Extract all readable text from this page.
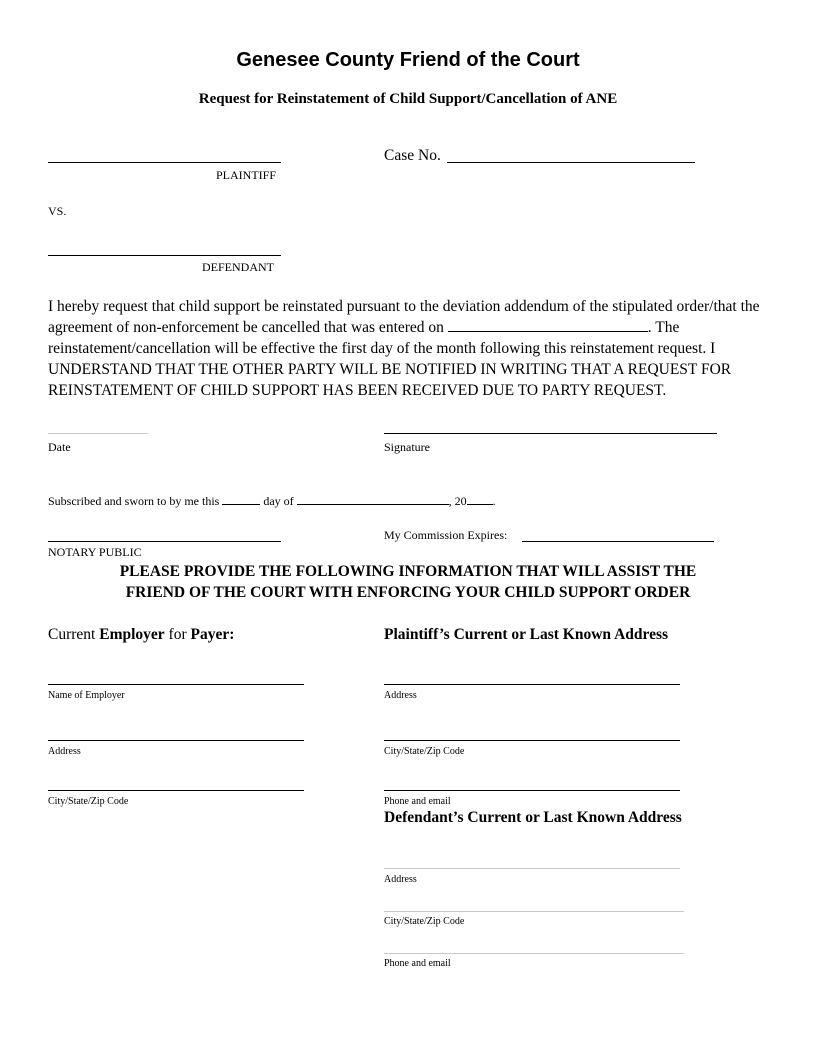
Genesee County Friend of the Court
Request for Reinstatement of Child Support/Cancellation of ANE
PLAINTIFF
Case No.
VS.
DEFENDANT
I hereby request that child support be reinstated pursuant to the deviation addendum of the stipulated order/that the agreement of non-enforcement be cancelled that was entered on	. The reinstatement/cancellation will be effective the first day of the month following this reinstatement request. I UNDERSTAND THAT THE OTHER PARTY WILL BE NOTIFIED IN WRITING THAT A REQUEST FOR REINSTATEMENT OF CHILD SUPPORT HAS BEEN RECEIVED DUE TO PARTY REQUEST.
Date	Signature
Subscribed and sworn to by me this	day of	, 20 .
NOTARY PUBLIC
My Commission Expires:
PLEASE PROVIDE THE FOLLOWING INFORMATION THAT WILL ASSIST THE
FRIEND OF THE COURT WITH ENFORCING YOUR CHILD SUPPORT ORDER
Current Employer for Payer:
Name of Employer
Address
City/State/Zip Code
Plaintiff’s Current or Last Known Address
Address
City/State/Zip Code
Phone and email
Defendant’s Current or Last Known Address
Address
City/State/Zip Code
Phone and email
